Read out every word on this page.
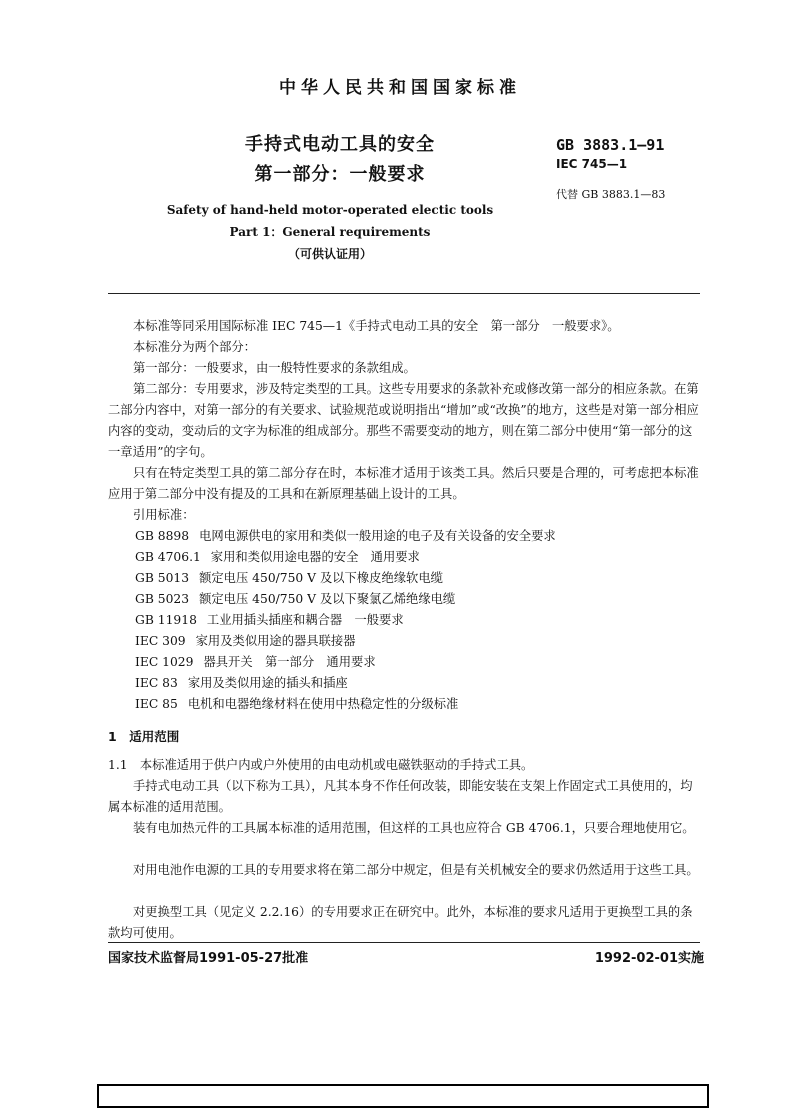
中华人民共和国国家标准
手持式电动工具的安全
第一部分：一般要求
GB 3883.1—91
IEC 745—1
代替 GB 3883.1—83
Safety of hand-held motor-operated electic tools
Part 1：General requirements
（可供认证用）
本标准等同采用国际标准 IEC 745—1《手持式电动工具的安全　第一部分　一般要求》。
本标准分为两个部分：
第一部分：一般要求，由一般特性要求的条款组成。
第二部分：专用要求，涉及特定类型的工具。这些专用要求的条款补充或修改第一部分的相应条款。在第二部分内容中，对第一部分的有关要求、试验规范或说明指出“增加”或“改换”的地方，这些是对第一部分相应内容的变动，变动后的文字为标准的组成部分。那些不需要变动的地方，则在第二部分中使用“第一部分的这一章适用”的字句。
只有在特定类型工具的第二部分存在时，本标准才适用于该类工具。然后只要是合理的，可考虑把本标准应用于第二部分中没有提及的工具和在新原理基础上设计的工具。
引用标准：
GB 8898 电网电源供电的家用和类似一般用途的电子及有关设备的安全要求
GB 4706.1 家用和类似用途电器的安全　通用要求
GB 5013 额定电压 450/750 V 及以下橡皮绝缘软电缆
GB 5023 额定电压 450/750 V 及以下聚氯乙烯绝缘电缆
GB 11918 工业用插头插座和耦合器　一般要求
IEC 309 家用及类似用途的器具联接器
IEC 1029 器具开关　第一部分　通用要求
IEC 83 家用及类似用途的插头和插座
IEC 85 电机和电器绝缘材料在使用中热稳定性的分级标准
1　适用范围
1.1　本标准适用于供户内或户外使用的由电动机或电磁铁驱动的手持式工具。
手持式电动工具（以下称为工具），凡其本身不作任何改装，即能安装在支架上作固定式工具使用的，均属本标准的适用范围。
装有电加热元件的工具属本标准的适用范围，但这样的工具也应符合 GB 4706.1，只要合理地使用它。
对用电池作电源的工具的专用要求将在第二部分中规定，但是有关机械安全的要求仍然适用于这些工具。
对更换型工具（见定义 2.2.16）的专用要求正在研究中。此外，本标准的要求凡适用于更换型工具的条款均可使用。
国家技术监督局1991-05-27批准	1992-02-01实施
